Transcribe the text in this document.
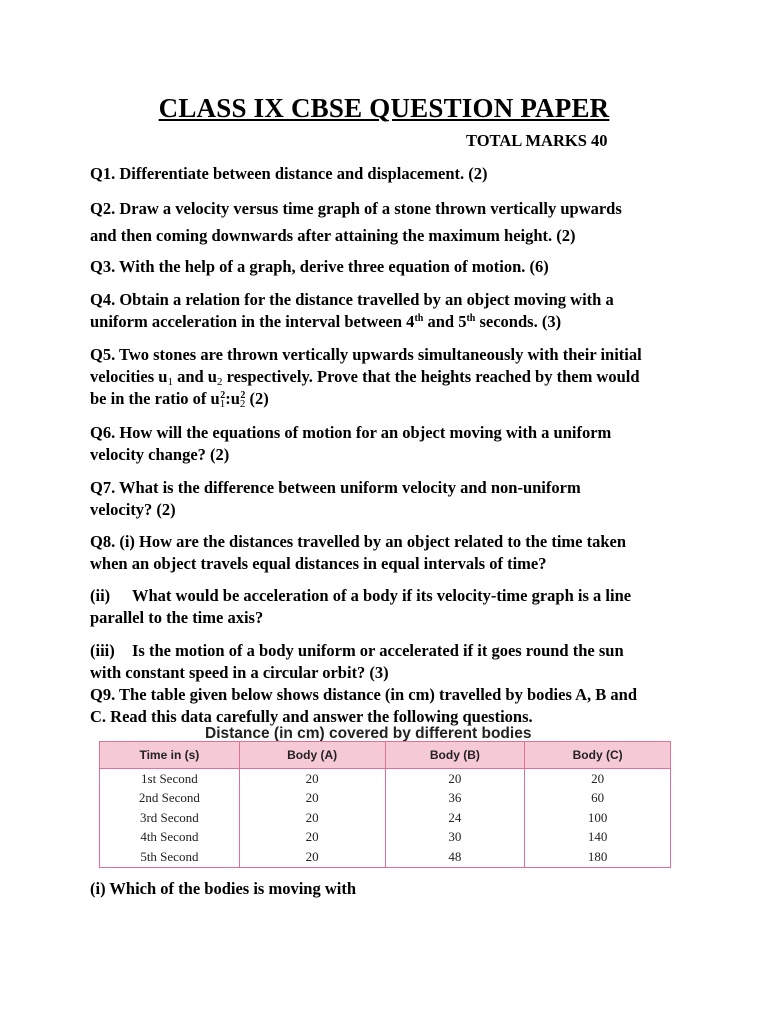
CLASS IX CBSE QUESTION PAPER
TOTAL MARKS 40
Q1. Differentiate between distance and displacement. (2)
Q2. Draw a velocity versus time graph of a stone thrown vertically upwards
and then coming downwards after attaining the maximum height. (2)
Q3. With the help of a graph, derive three equation of motion. (6)
Q4. Obtain a relation for the distance travelled by an object moving with a
uniform acceleration in the interval between 4th and 5th seconds. (3)
Q5. Two stones are thrown vertically upwards simultaneously with their initial
velocities $u_1$ and $u_2$ respectively. Prove that the heights reached by them would
be in the ratio of $u_1^2:u_2^2$ (2)
Q6. How will the equations of motion for an object moving with a uniform
velocity change? (2)
Q7. What is the difference between uniform velocity and non-uniform
velocity? (2)
Q8. (i) How are the distances travelled by an object related to the time taken
when an object travels equal distances in equal intervals of time?
(ii) What would be acceleration of a body if its velocity-time graph is a line
parallel to the time axis?
(iii) Is the motion of a body uniform or accelerated if it goes round the sun
with constant speed in a circular orbit? (3)
Q9. The table given below shows distance (in cm) travelled by bodies A, B and
C. Read this data carefully and answer the following questions.
Distance (in cm) covered by different bodies
Time in (s)	Body (A)	Body (B)	Body (C)
1st Second	20	20	20
2nd Second	20	36	60
3rd Second	20	24	100
4th Second	20	30	140
5th Second	20	48	180
(i) Which of the bodies is moving with
